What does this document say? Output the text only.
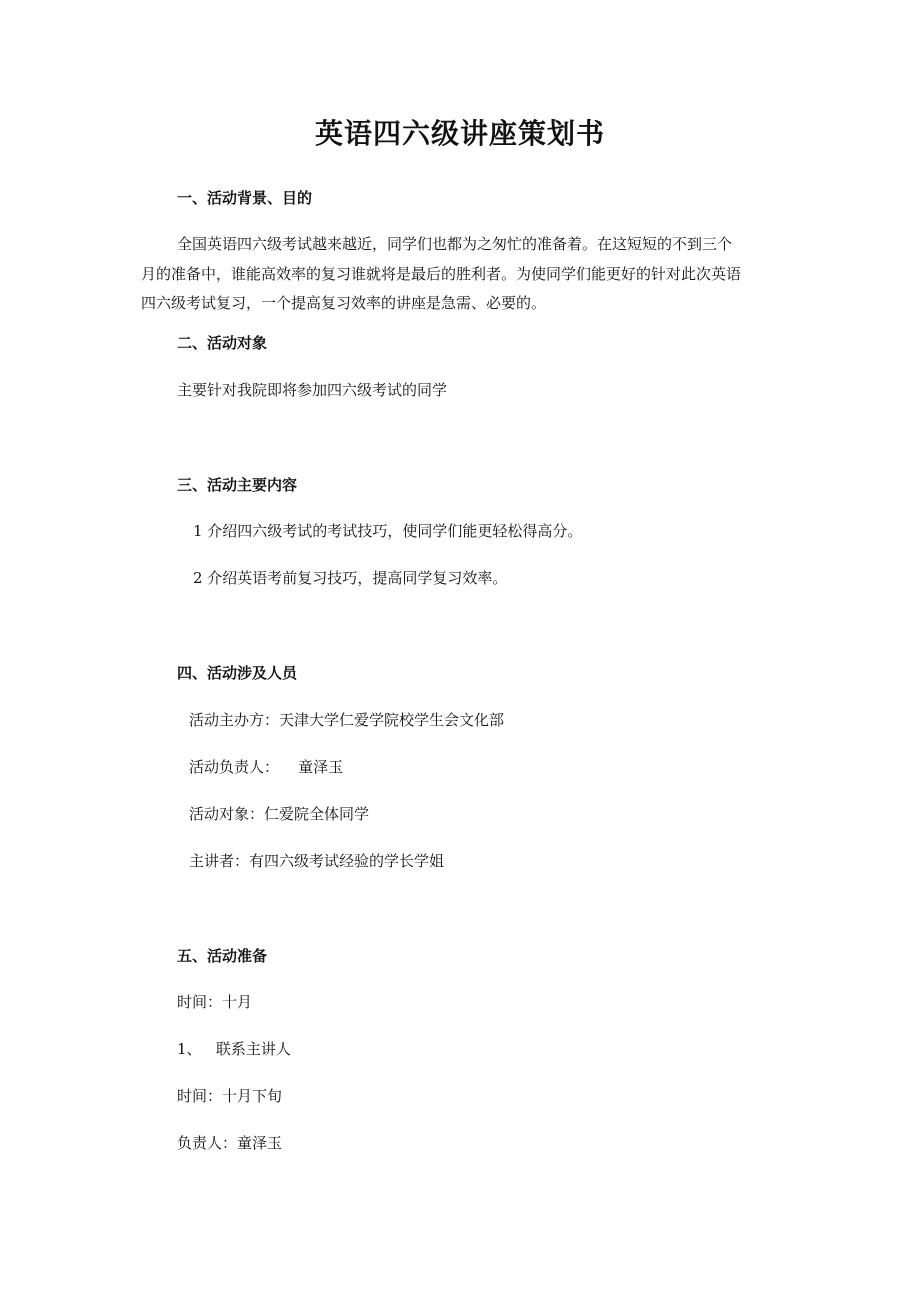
英语四六级讲座策划书
一、活动背景、目的

全国英语四六级考试越来越近，同学们也都为之匆忙的准备着。在这短短的不到三个

月的准备中，谁能高效率的复习谁就将是最后的胜利者。为使同学们能更好的针对此次英语

四六级考试复习，一个提高复习效率的讲座是急需、必要的。

二、活动对象
主要针对我院即将参加四六级考试的同学
三、活动主要内容
1 介绍四六级考试的考试技巧，使同学们能更轻松得高分。
2 介绍英语考前复习技巧，提高同学复习效率。
四、活动涉及人员
活动主办方：天津大学仁爱学院校学生会文化部
活动负责人：    童泽玉
活动对象：仁爱院全体同学
主讲者：有四六级考试经验的学长学姐
五、活动准备
时间：十月
1、   联系主讲人
时间：十月下旬
负责人：童泽玉
